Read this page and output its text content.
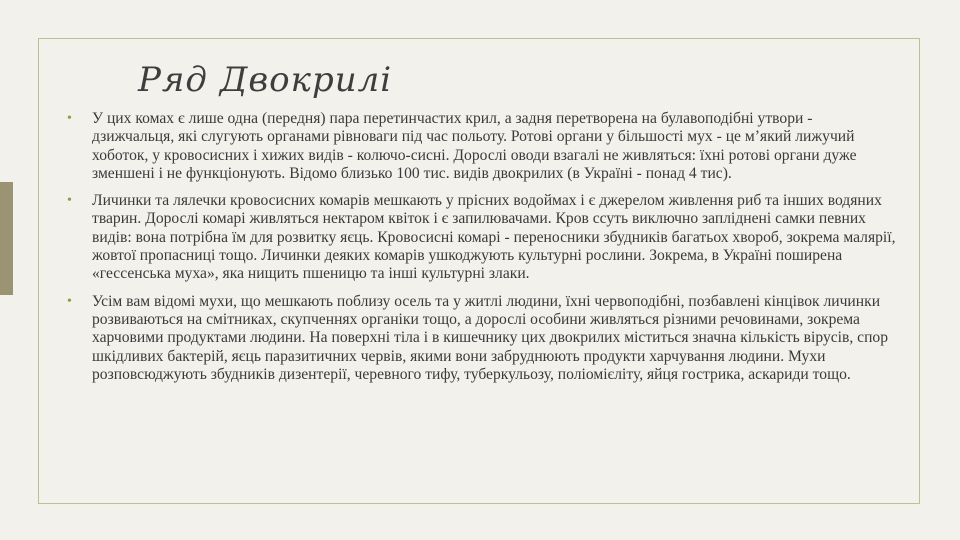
Ряд Двокрилі
• У цих комах є лише одна (передня) пара перетинчастих крил, а задня перетворена на булавоподібні утвори - дзижчальця, які слугують органами рівноваги під час польоту. Ротові органи у більшості мух - це м’який лижучий хоботок, у кровосисних і хижих видів - колючо-сисні. Дорослі оводи взагалі не живляться: їхні ротові органи дуже зменшені і не функціонують. Відомо близько 100 тис. видів двокрилих (в Україні - понад 4 тис).

• Личинки та лялечки кровосисних комарів мешкають у прісних водоймах і є джерелом живлення риб та інших водяних тварин. Дорослі комарі живляться нектаром квіток і є запилювачами. Кров ссуть виключно запліднені самки певних видів: вона потрібна їм для розвитку яєць. Кровосисні комарі - переносники збудників багатьох хвороб, зокрема малярії, жовтої пропасниці тощо. Личинки деяких комарів ушкоджують культурні рослини. Зокрема, в Україні поширена «гессенська муха», яка нищить пшеницю та інші культурні злаки.

• Усім вам відомі мухи, що мешкають поблизу осель та у житлі людини, їхні червоподібні, позбавлені кінцівок личинки розвиваються на смітниках, скупченнях органіки тощо, а дорослі особини живляться різними речовинами, зокрема харчовими продуктами людини. На поверхні тіла і в кишечнику цих двокрилих міститься значна кількість вірусів, спор шкідливих бактерій, яєць паразитичних червів, якими вони забруднюють продукти харчування людини. Мухи розповсюджують збудників дизентерії, черевного тифу, туберкульозу, поліомієліту, яйця гострика, аскариди тощо.
